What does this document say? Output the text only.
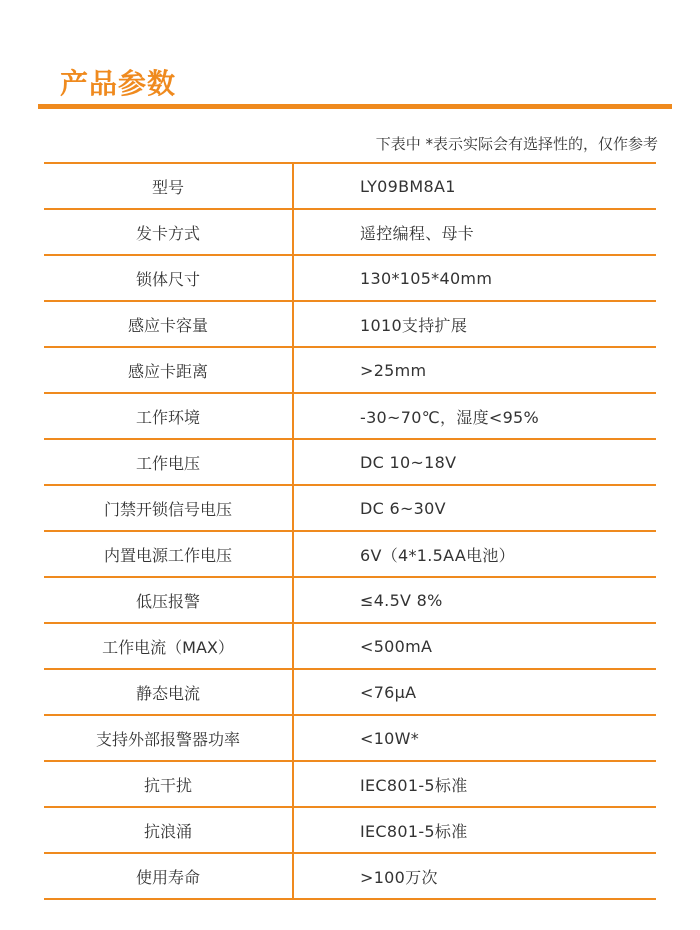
产品参数
下表中 *表示实际会有选择性的，仅作参考
型号	LY09BM8A1
发卡方式	遥控编程、母卡
锁体尺寸	130*105*40mm
感应卡容量	1010支持扩展
感应卡距离	>25mm
工作环境	-30~70℃，湿度<95%
工作电压	DC 10~18V
门禁开锁信号电压	DC 6~30V
内置电源工作电压	6V（4*1.5AA电池）
低压报警	≤4.5V 8%
工作电流（MAX）	<500mA
静态电流	<76μA
支持外部报警器功率	<10W*
抗干扰	IEC801-5标准
抗浪涌	IEC801-5标准
使用寿命	>100万次
